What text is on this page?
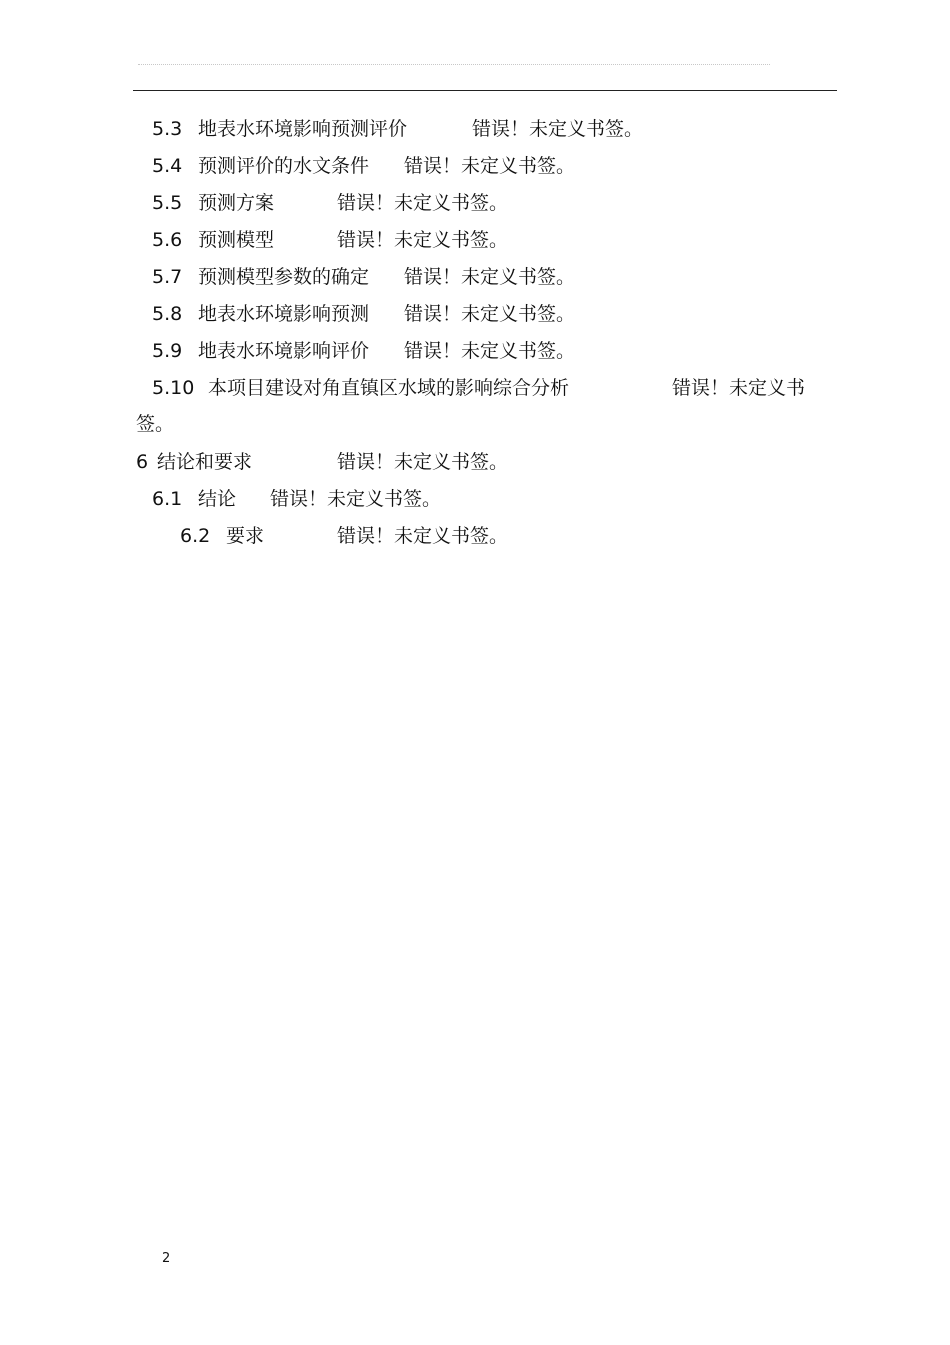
5.3 地表水环境影响预测评价	错误！未定义书签。
5.4 预测评价的水文条件 错误！未定义书签。
5.5 预测方案	错误！未定义书签。
5.6 预测模型	错误！未定义书签。
5.7 预测模型参数的确定 错误！未定义书签。
5.8 地表水环境影响预测 错误！未定义书签。
5.9 地表水环境影响评价 错误！未定义书签。
5.10 本项目建设对角直镇区水域的影响综合分析	错误！未定义书
签。
6 结论和要求	错误！未定义书签。
6.1 结论 错误！未定义书签。
6.2 要求	错误！未定义书签。
2
